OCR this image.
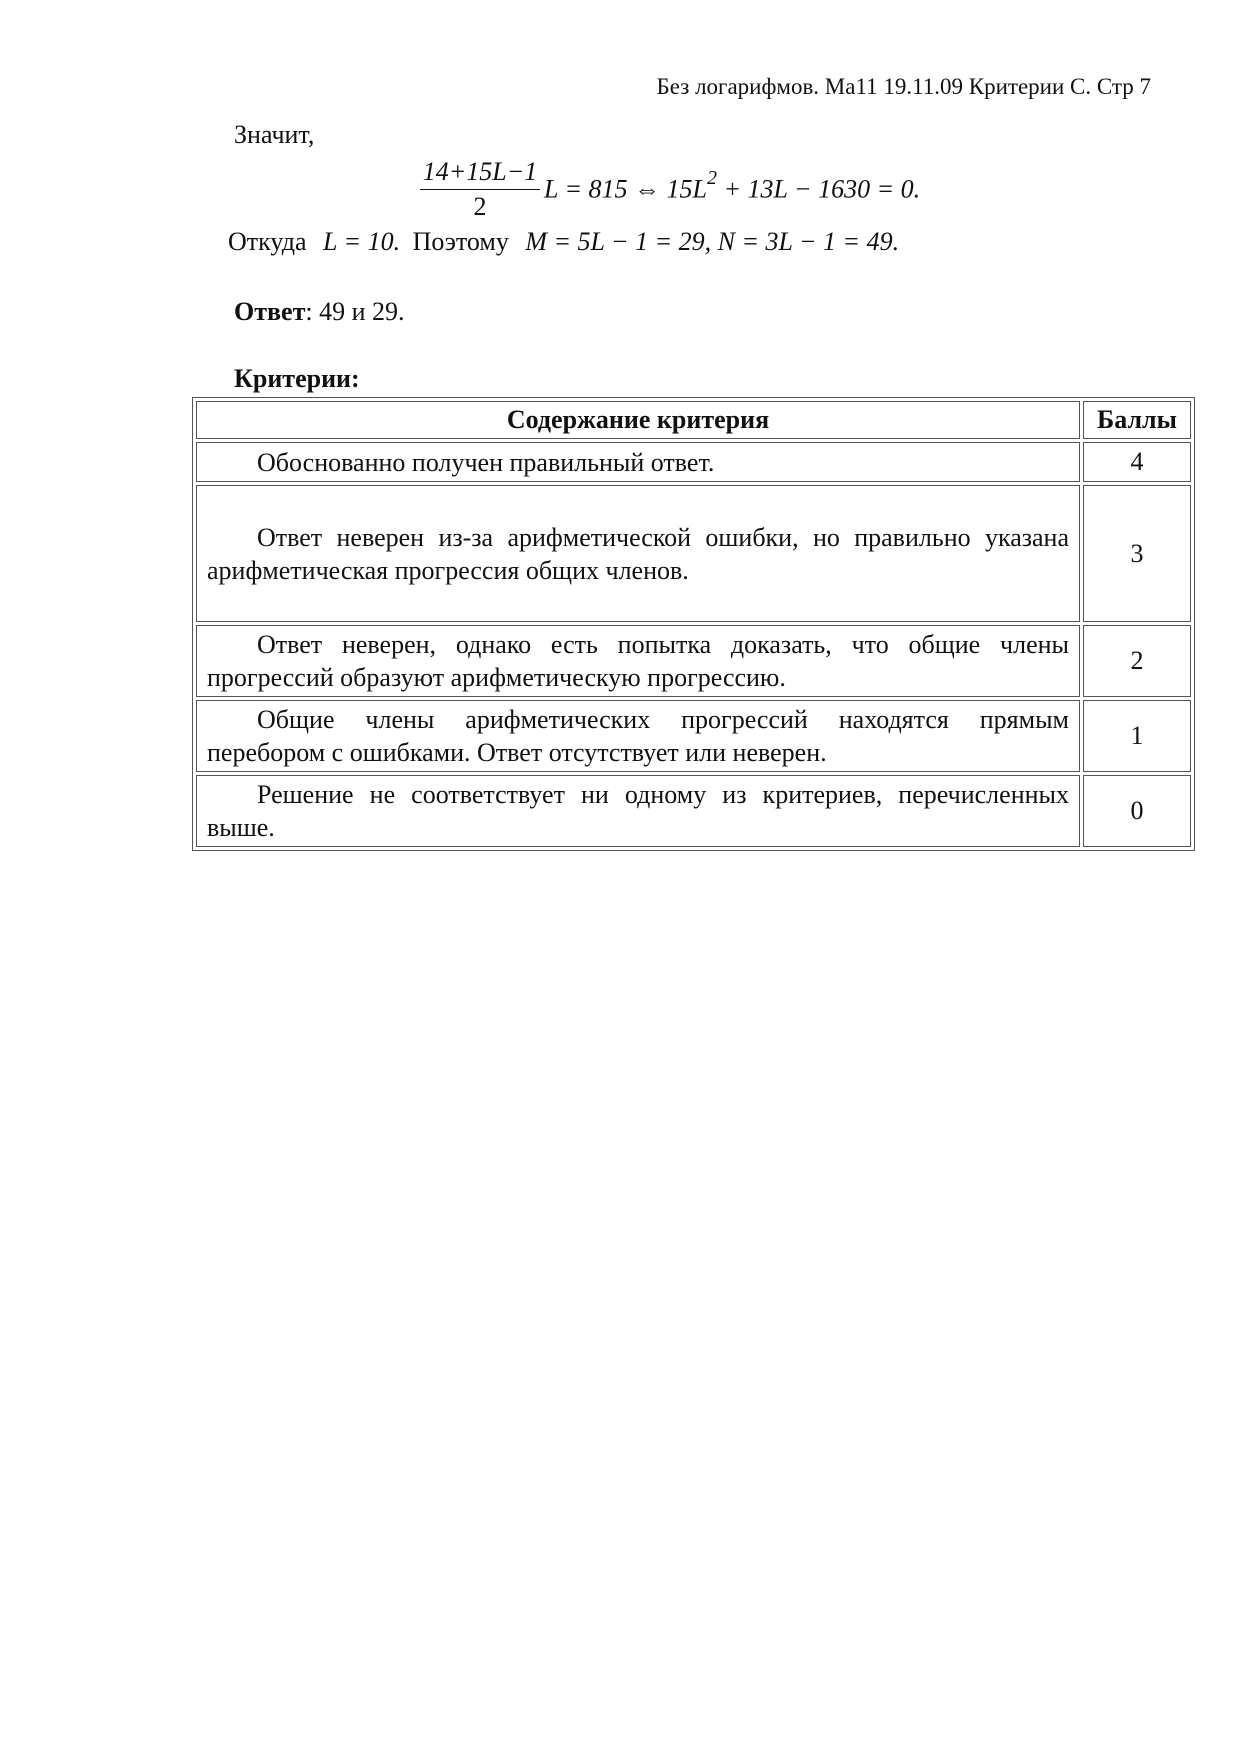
Без логарифмов. Ма11 19.11.09 Критерии С. Стр 7
Значит,
$\frac{14+15L-1}{2}$ L = 815 ⇔ $15L^2 + 13L - 1630 = 0$.
Откуда L = 10. Поэтому M = 5L − 1 = 29, N = 3L − 1 = 49.
Ответ: 49 и 29.
Критерии:
Содержание критерия	Баллы
Обоснованно получен правильный ответ.	4
Ответ неверен из-за арифметической ошибки, но правильно указана арифметическая прогрессия общих членов.	3
Ответ неверен, однако есть попытка доказать, что общие члены прогрессий образуют арифметическую прогрессию.	2
Общие члены арифметических прогрессий находятся прямым перебором с ошибками. Ответ отсутствует или неверен.	1
Решение не соответствует ни одному из критериев, перечисленных выше.	0
